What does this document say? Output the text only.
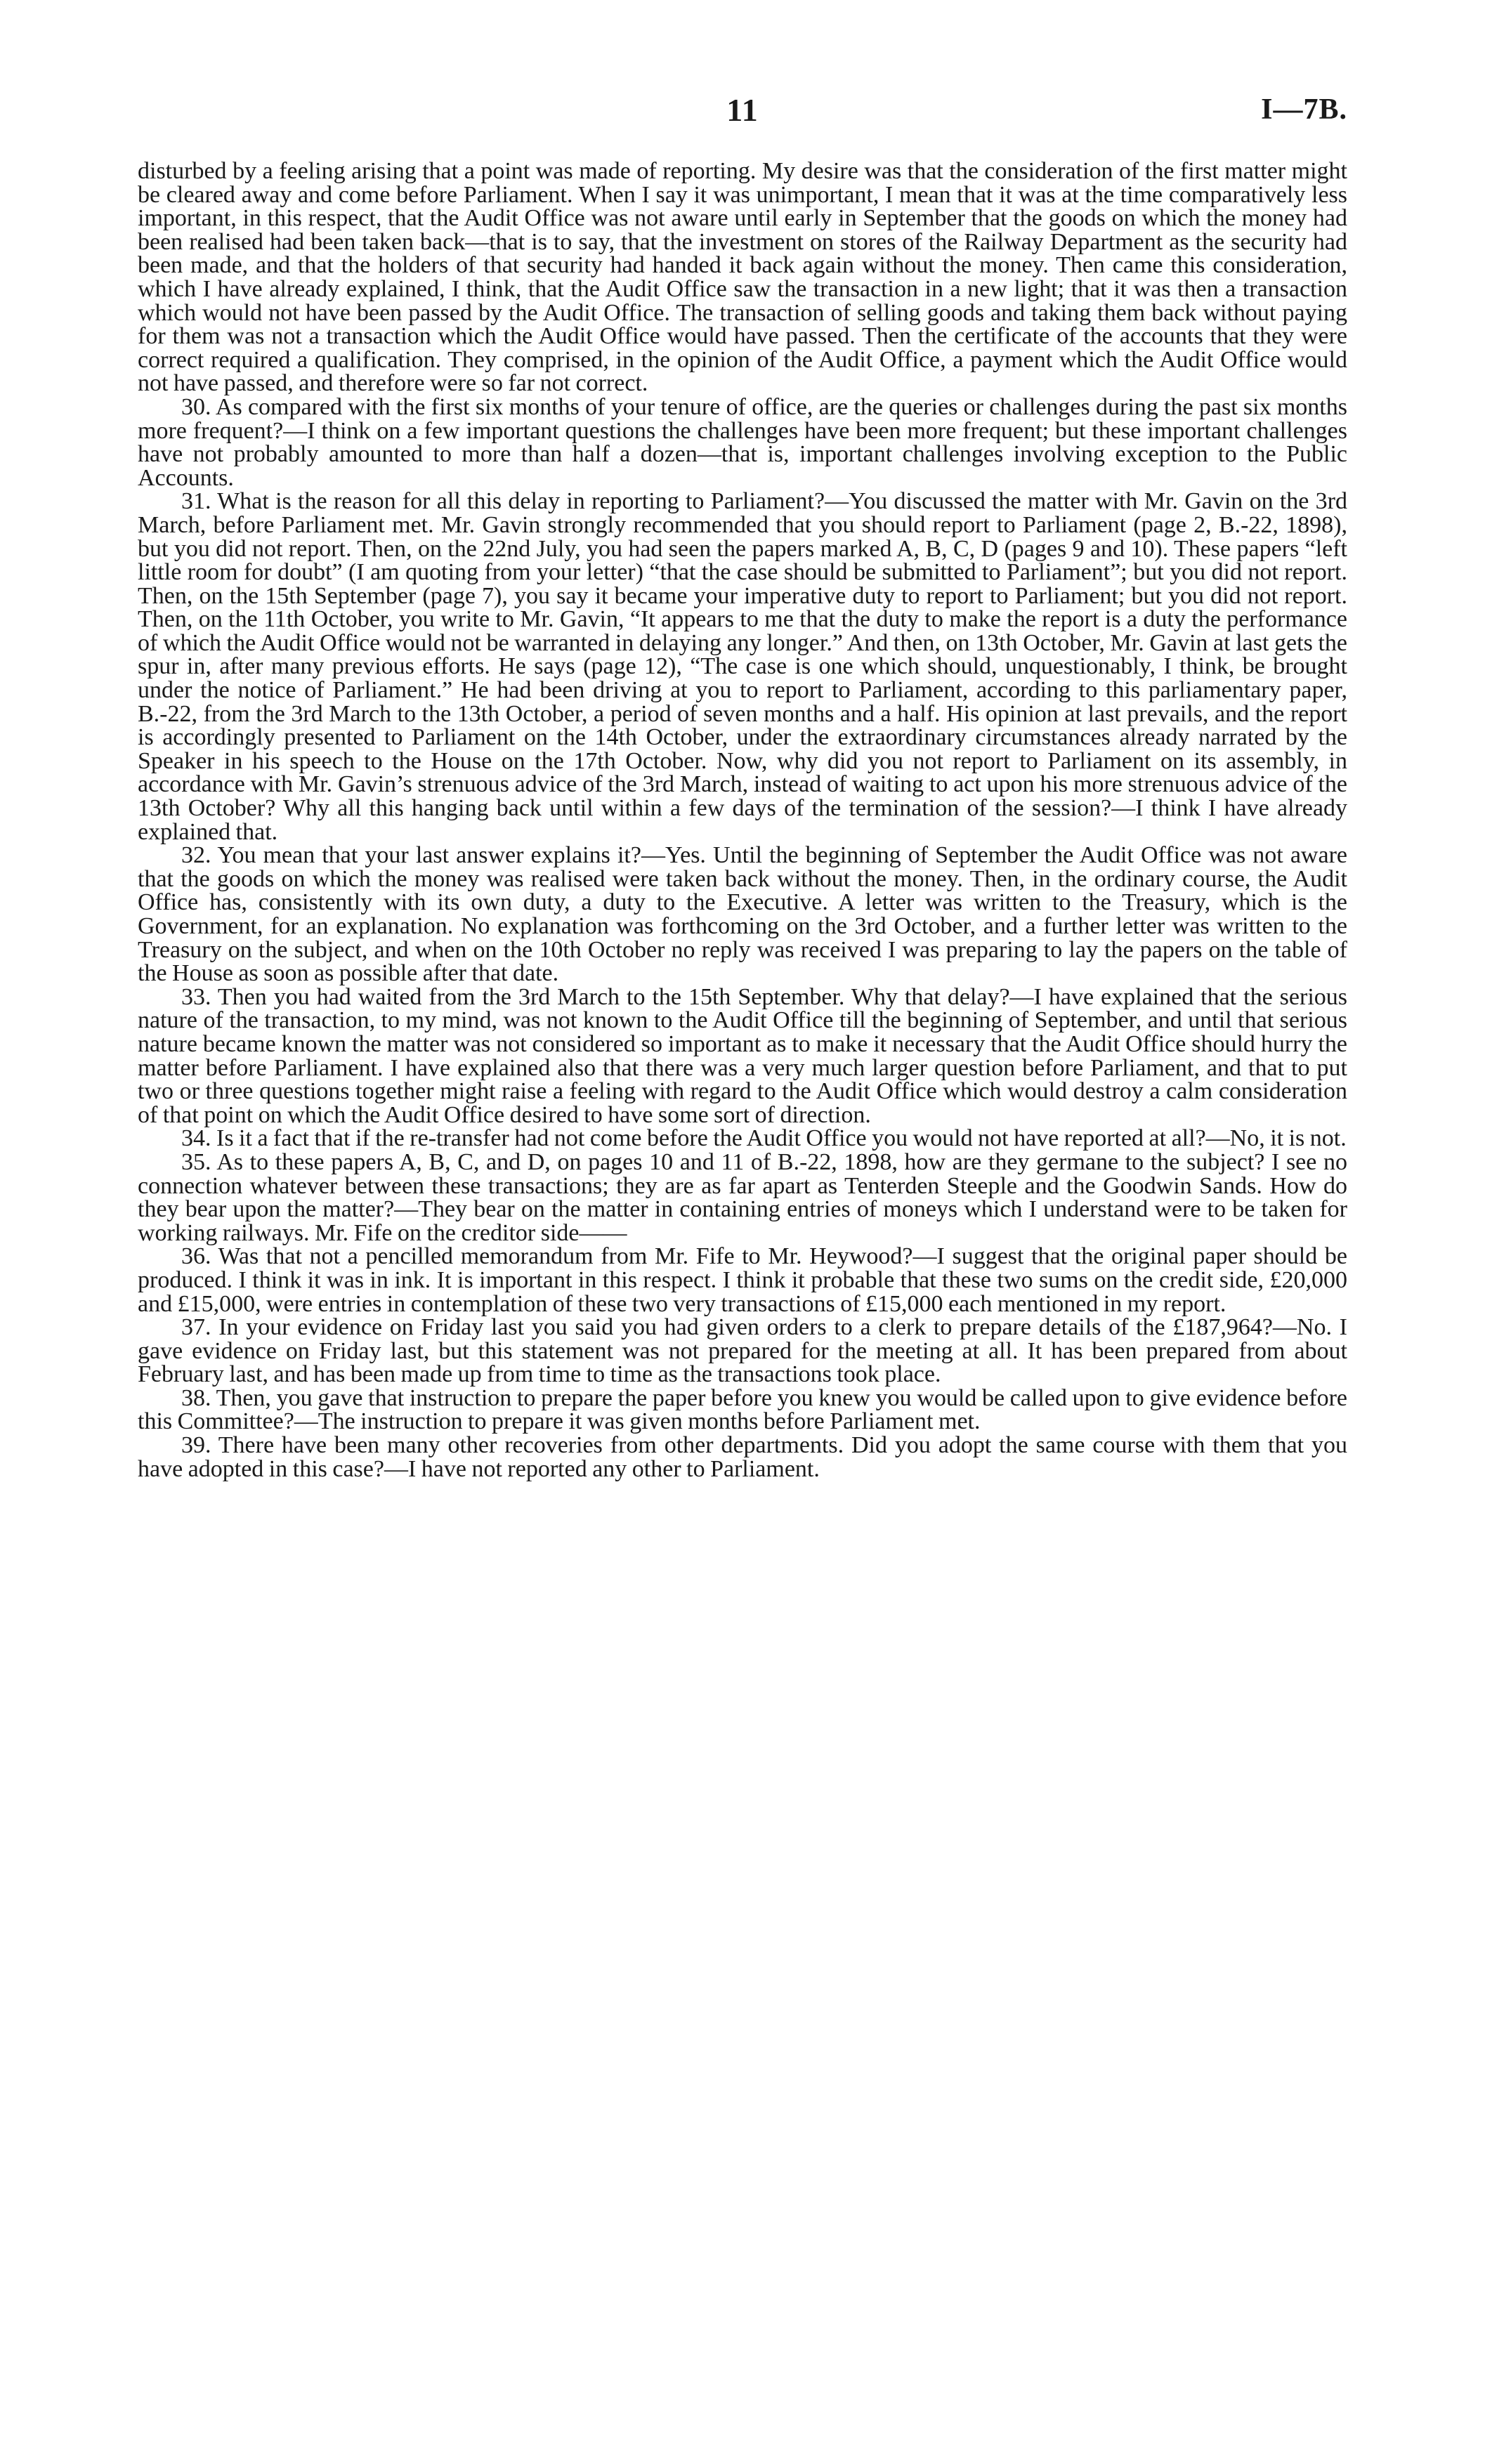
11	I—7B.

disturbed by a feeling arising that a point was made of reporting. My desire was that the consideration of the first matter might be cleared away and come before Parliament. When I say it was unimportant, I mean that it was at the time comparatively less important, in this respect, that the Audit Office was not aware until early in September that the goods on which the money had been realised had been taken back—that is to say, that the investment on stores of the Railway Department as the security had been made, and that the holders of that security had handed it back again without the money. Then came this consideration, which I have already explained, I think, that the Audit Office saw the transaction in a new light; that it was then a transaction which would not have been passed by the Audit Office. The transaction of selling goods and taking them back without paying for them was not a transaction which the Audit Office would have passed. Then the certificate of the accounts that they were correct required a qualification. They comprised, in the opinion of the Audit Office, a payment which the Audit Office would not have passed, and therefore were so far not correct.

30. As compared with the first six months of your tenure of office, are the queries or challenges during the past six months more frequent?—I think on a few important questions the challenges have been more frequent; but these important challenges have not probably amounted to more than half a dozen—that is, important challenges involving exception to the Public Accounts.

31. What is the reason for all this delay in reporting to Parliament?—You discussed the matter with Mr. Gavin on the 3rd March, before Parliament met. Mr. Gavin strongly recommended that you should report to Parliament (page 2, B.-22, 1898), but you did not report. Then, on the 22nd July, you had seen the papers marked A, B, C, D (pages 9 and 10). These papers “left little room for doubt” (I am quoting from your letter) “that the case should be submitted to Parliament”; but you did not report. Then, on the 15th September (page 7), you say it became your imperative duty to report to Parliament; but you did not report. Then, on the 11th October, you write to Mr. Gavin, “It appears to me that the duty to make the report is a duty the performance of which the Audit Office would not be warranted in delaying any longer.” And then, on 13th October, Mr. Gavin at last gets the spur in, after many previous efforts. He says (page 12), “The case is one which should, unquestionably, I think, be brought under the notice of Parliament.” He had been driving at you to report to Parliament, according to this parliamentary paper, B.-22, from the 3rd March to the 13th October, a period of seven months and a half. His opinion at last prevails, and the report is accordingly presented to Parliament on the 14th October, under the extraordinary circumstances already narrated by the Speaker in his speech to the House on the 17th October. Now, why did you not report to Parliament on its assembly, in accordance with Mr. Gavin’s strenuous advice of the 3rd March, instead of waiting to act upon his more strenuous advice of the 13th October? Why all this hanging back until within a few days of the termination of the session?—I think I have already explained that.

32. You mean that your last answer explains it?—Yes. Until the beginning of September the Audit Office was not aware that the goods on which the money was realised were taken back without the money. Then, in the ordinary course, the Audit Office has, consistently with its own duty, a duty to the Executive. A letter was written to the Treasury, which is the Government, for an explanation. No explanation was forthcoming on the 3rd October, and a further letter was written to the Treasury on the subject, and when on the 10th October no reply was received I was preparing to lay the papers on the table of the House as soon as possible after that date.

33. Then you had waited from the 3rd March to the 15th September. Why that delay?—I have explained that the serious nature of the transaction, to my mind, was not known to the Audit Office till the beginning of September, and until that serious nature became known the matter was not considered so important as to make it necessary that the Audit Office should hurry the matter before Parliament. I have explained also that there was a very much larger question before Parliament, and that to put two or three questions together might raise a feeling with regard to the Audit Office which would destroy a calm consideration of that point on which the Audit Office desired to have some sort of direction.

34. Is it a fact that if the re-transfer had not come before the Audit Office you would not have reported at all?—No, it is not.

35. As to these papers A, B, C, and D, on pages 10 and 11 of B.-22, 1898, how are they germane to the subject? I see no connection whatever between these transactions; they are as far apart as Tenterden Steeple and the Goodwin Sands. How do they bear upon the matter?—They bear on the matter in containing entries of moneys which I understand were to be taken for working railways. Mr. Fife on the creditor side——

36. Was that not a pencilled memorandum from Mr. Fife to Mr. Heywood?—I suggest that the original paper should be produced. I think it was in ink. It is important in this respect. I think it probable that these two sums on the credit side, £20,000 and £15,000, were entries in contemplation of these two very transactions of £15,000 each mentioned in my report.

37. In your evidence on Friday last you said you had given orders to a clerk to prepare details of the £187,964?—No. I gave evidence on Friday last, but this statement was not prepared for the meeting at all. It has been prepared from about February last, and has been made up from time to time as the transactions took place.

38. Then, you gave that instruction to prepare the paper before you knew you would be called upon to give evidence before this Committee?—The instruction to prepare it was given months before Parliament met.

39. There have been many other recoveries from other departments. Did you adopt the same course with them that you have adopted in this case?—I have not reported any other to Parliament.
